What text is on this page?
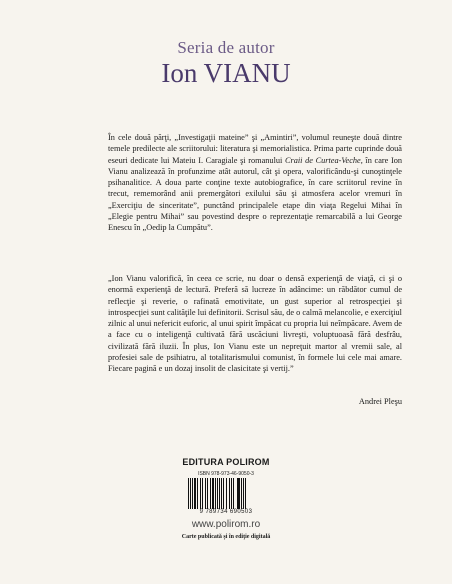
Seria de autor
Ion VIANU

În cele două părţi, „Investigaţii mateine” şi „Amintiri”, volumul reuneşte două dintre temele predilecte ale scriitorului: literatura şi memorialistica. Prima parte cuprinde două eseuri dedicate lui Mateiu I. Caragiale şi romanului Craii de Curtea-Veche, în care Ion Vianu analizează în profunzime atât autorul, cât şi opera, valorificându-şi cunoştinţele psihanalitice. A doua parte conţine texte autobiografice, în care scriitorul revine în trecut, rememorând anii premergători exilului său şi atmosfera acelor vremuri în „Exerciţiu de sinceritate”, punctând principalele etape din viaţa Regelui Mihai în „Elegie pentru Mihai” sau povestind despre o reprezentaţie remarcabilă a lui George Enescu în „Oedip la Cumpătu”.

„Ion Vianu valorifică, în ceea ce scrie, nu doar o densă experienţă de viaţă, ci şi o enormă experienţă de lectură. Preferă să lucreze în adâncime: un răbdător cumul de reflecţie şi reverie, o rafinată emotivitate, un gust superior al retrospecţiei şi introspecţiei sunt calităţile lui definitorii. Scrisul său, de o calmă melancolie, e exerciţiul zilnic al unui nefericit euforic, al unui spirit împăcat cu propria lui neîmpăcare. Avem de a face cu o inteligenţă cultivată fără uscăciuni livreşti, voluptuoasă fără desfrâu, civilizată fără iluzii. În plus, Ion Vianu este un nepreţuit martor al vremii sale, al profesiei sale de psihiatru, al totalitarismului comunist, în formele lui cele mai amare. Fiecare pagină e un dozaj insolit de clasicitate şi vertij.”

Andrei Pleşu
EDITURA POLIROM
ISBN 978-973-46-9050-3
9 789734 690503
www.polirom.ro
Carte publicată şi în ediţie digitală
